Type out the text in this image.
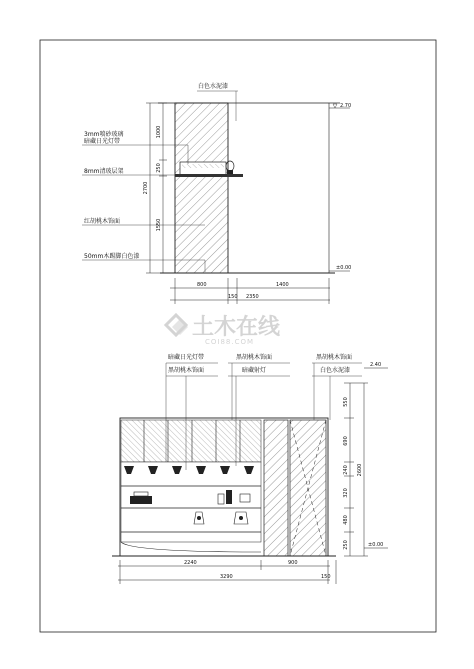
1000
250
1550
2700
2.70
±0.00
白色水泥漆
3mm喷砂玻璃
暗藏日光灯带
8mm清玻层架
红胡桃木饰面
50mm木踢脚白色漆
800	1400
150 2350
土木在线
COI88.COM
550
690
240
320
480
250
2600
2.40
±0.00
暗藏日光灯带
黑胡桃木饰面
黑胡桃木饰面
暗藏射灯
黑胡桃木饰面
白色水泥漆
2240	900
3290	150
